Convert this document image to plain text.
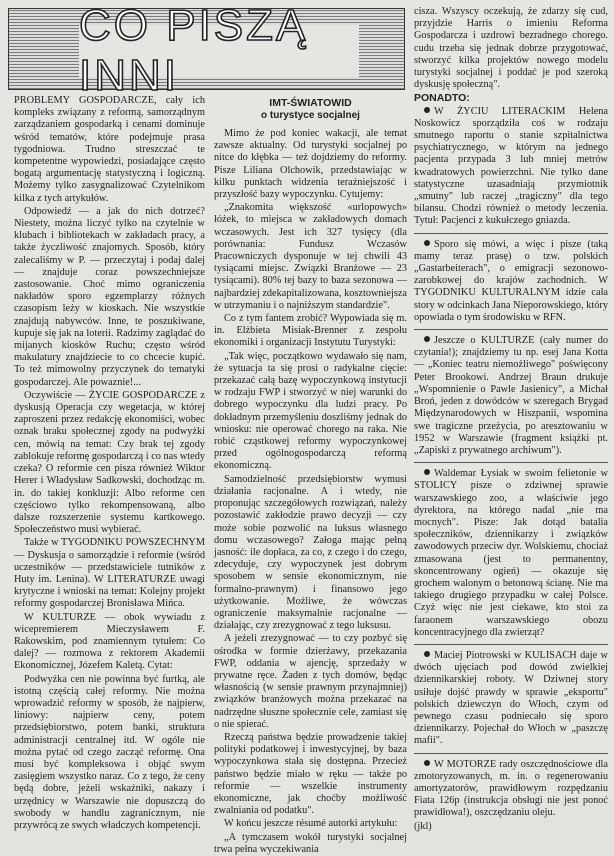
CO PISZĄ INNI

PROBLEMY GOSPODARCZE, cały ich kompleks związany z reformą, samorządnym zarządzaniem gospodarką i cenami dominuje wśród tematów, które podejmuje prasa tygodniowa. Trudno streszczać te kompetentne wypowiedzi, posiadające często bogatą argumentację statystyczną i logiczną. Możemy tylko zasygnalizować Czytelnikom kilka z tych artykułów.

Odpowiedź — a jak do nich dotrzeć? Niestety, można liczyć tylko na czytelnie w klubach i bibliotekach w zakładach pracy, a także życzliwość znajomych. Sposób, który zalecaliśmy w P. — przeczytaj i podaj dalej — znajduje coraz powszechniejsze zastosowanie. Choć mimo ograniczenia nakładów sporo egzemplarzy różnych czasopism leży w kioskach. Nie wszystkie znajdują nabywców. Inne, te poszukiwane, kupuje się jak na loterii. Radzimy zaglądać do mijanych kiosków Ruchu; często wśród makulatury znajdziecie to co chcecie kupić. To też mimowolny przyczynek do tematyki gospodarczej. Ale powaznie!...

Oczywiście — ŻYCIE GOSPODARCZE z dyskusją Operacja czy wegetacja, w której zaproszeni przez redakcję ekonomiści, wobec oznak braku społecznej zgody na podwyżki cen, mówią na temat: Czy brak tej zgody zablokuje reformę gospodarczą i co nas wtedy czeka? O reformie cen pisza również Wiktor Herer i Władysław Sadkowski, dochodząc m. in. do takiej konkluzji: Albo reforme cen częściowo tylko rekompensowaną, albo dalsze rozszerzenie systemu kartkowego. Społeczeństwo musi wybierać.

Także w TYGODNIKU POWSZECHNYM — Dyskusja o samorządzie i reformie (wśród uczestników — przedstawiciele tutników z Huty im. Lenina). W LITERATURZE uwagi krytyczne i wnioski na temat: Kolejny projekt reformy gospodarczej Bronisława Mińca.

W KULTURZE — obok wywiadu z wicepremierem Mieczysławem F. Rakowskim, pod znamiennym tytułem: Co dalej? — rozmowa z rektorem Akademii Ekonomicznej, Józefem Kaletą. Cytat:

Podwyżka cen nie powinna być furtką, ale istotną częścią całej reformy. Nie można wprowadzić reformy w sposób, że najpierw, liniowy: najpierw ceny, potem przedsiębiorstwo, potem banki, struktura administracji centralnej itd. W ogóle nie można pytać od czego zacząć reformę. Ona musi być kompleksowa i objąć swym zasięgiem wszystko naraz. Co z tego, że ceny będą dobre, jeżeli wskaźniki, nakazy i urzędnicy w Warszawie nie dopuszczą do swobody w handlu zagranicznym, nie przywrócą ze swych władczych kompetencji.

IMT-ŚWIATOWID
o turystyce socjalnej

Mimo że pod koniec wakacji, ale temat zawsze aktualny. Od turystyki socjalnej po nitce do kłębka — też dojdziemy do reformy. Pisze Liliana Olchowik, przedstawiając w kilku punktach widzenia teraźniejszość i przyszłość bazy wypoczynku. Cytujemy:

„Znakomita większość «urlopowych» łóżek, to miejsca w zakładowych domach wczasowych. Jest ich 327 tysięcy (dla porównania: Fundusz Wczasów Pracowniczych dysponuje w tej chwili 43 tysiącami miejsc. Związki Branżowe — 23 tysiącami). 80% tej bazy to baza sezonowa — najbardziej zdekapitalizowana, kosztowniejsza w utrzymaniu i o najniższym standardzie".

Co z tym fantem zrobić? Wypowiada się m. in. Elżbieta Misiak-Brenner z zespołu ekonomiki i organizacji Instytutu Turystyki:

„Tak więc, początkowo wydawało się nam, że sytuacja ta się prosi o radykalne cięcie: przekazać całą bazę wypoczynkową instytucji w rodzaju FWP i stworzyć w niej warunki do dobrego wypoczynku dla ludzi pracy. Po dokładnym przemyśleniu doszliśmy jednak do wniosku: nie operować chorego na raka. Nie robić cząstkowej reformy wypoczynkowej przed ogólnogospodarczą reformą ekonomiczną.

Samodzielność przedsiębiorstw wymusi działania racjonalne. A i wtedy, nie proponując szczegółowych rozwiązań, należy pozostawić zakłodzie prawo decyzji — czy może sobie pozwolić na luksus własnego domu wczasowego? Załoga mając pełną jasność: ile dopłaca, za co, z czego i do czego, zdecyduje, czy wypoczynek jest dobrym sposobem w sensie ekonomicznym, nie formalno-prawnym) i finansowo jego użytkowanie. Możliwe, że wówczas ograniczenie maksymalnie racjonalne — działając, czy zrezygnować z tego luksusu.

A jeżeli zrezygnować — to czy pozbyć się ośrodka w formie dzierżawy, przekazania FWP, oddania w ajencję, sprzedaży w prywatne ręce. Żaden z tych domów, będąc własnością (w sensie prawnym przynajmniej) związków branżowych można przekazać na nadrzędne słuszne społecznie cele, zamiast się o nie spierać.

Rzeczą państwa będzie prowadzenie takiej polityki podatkowej i inwestycyjnej, by baza wypoczynkowa stała się dostępna. Przecież państwo będzie miało w ręku — także po reformie — wszelkie instrumenty ekonomiczne, jak choćby możliwość zwalniania od podatku".

W końcu jeszcze résumé autorki artykułu:

„A tymczasem wokół turystyki socjalnej trwa pełna wyczekiwania

cisza. Wszyscy oczekują, że zdarzy się cud, przyjdzie Harris o imieniu Reforma Gospodarcza i uzdrowi bezradnego chorego. cudu trzeba się jednak dobrze przygotować, stworzyć kilka projektów nowego modelu turystyki socjalnej i poddać je pod szeroką dyskusję społeczną".

PONADTO:

W ŻYCIU LITERACKIM Helena Noskowicz sporządziła coś w rodzaju smutnego raportu o stanie szpitalnictwa psychiatrycznego, w którym na jednego pacjenta przypada 3 lub mniej metrów kwadratowych powierzchni. Nie tylko dane statystyczne uzasadniają przymiotnik „smutny" lub raczej „tragiczny" dla tego bilansu. Chodzi również o metody leczenia. Tytuł: Pacjenci z kukułczego gniazda.

Sporo się mówi, a więc i pisze (taką mamy teraz prasę) o tzw. polskich „Gastarbeiterach", o emigracji sezonowo-zarobkowej do krajów zachodnich. W TYGODNIKU KULTURALNYM idzie cała story w odcinkach Jana Nieporowskiego, który opowiada o tym środowisku w RFN.

Jeszcze o KULTURZE (cały numer do czytania!); znajdziemy tu np. esej Jana Kotta — „Koniec teatru niemożliwego" poświęcony Peter Brookowi. Andrzej Braun drukuje „Wspomnienie o Pawle Jasienicy", a Michał Broń, jeden z dowódców w szeregach Brygad Międzynarodowych w Hiszpanii, wspomina swe tragiczne przeżycia, po aresztowaniu w 1952 w Warszawie (fragment książki pt. „Zapiski z prywatnego archiwum").

Waldemar Łysiak w swoim felietonie w STOLICY pisze o zdziwnej sprawie warszawskiego zoo, a właściwie jego dyrektora, na którego nadal „nie ma mocnych". Pisze: Jak dotąd batalia społeczników, dziennikarzy i związków zawodowych przeciw dyr. Wolskiemu, chociaż zmasowana (jest to permanentny, skoncentrowany ogień) — okazuje się grochem walonym o betonową ścianę. Nie ma takiego drugiego przypadku w całej Polsce. Czyż więc nie jest ciekawe, kto stoi za faraonem warszawskiego obozu koncentracyjnego dla zwierząt?

Maciej Piotrowski w KULISACH daje w dwóch ujęciach pod dowód zwielkiej dziennikarskiej roboty. W Dziwnej story usiłuje dojść prawdy w sprawie „eksportu" polskich dziewczyn do Włoch, czym od pewnego czasu podniecało się sporo dziennikarzy. Pojechał do Włoch w „paszczę mafii".

W MOTORZE rady oszczędnościowe dla zmotoryzowanych, m. in. o regenerowaniu amortyzatorów, prawidłowym rozpędzaniu Fiata 126p (instrukcja obsługi nie jest ponoć prawidłowa!), oszczędzaniu oleju.

(jkl)
